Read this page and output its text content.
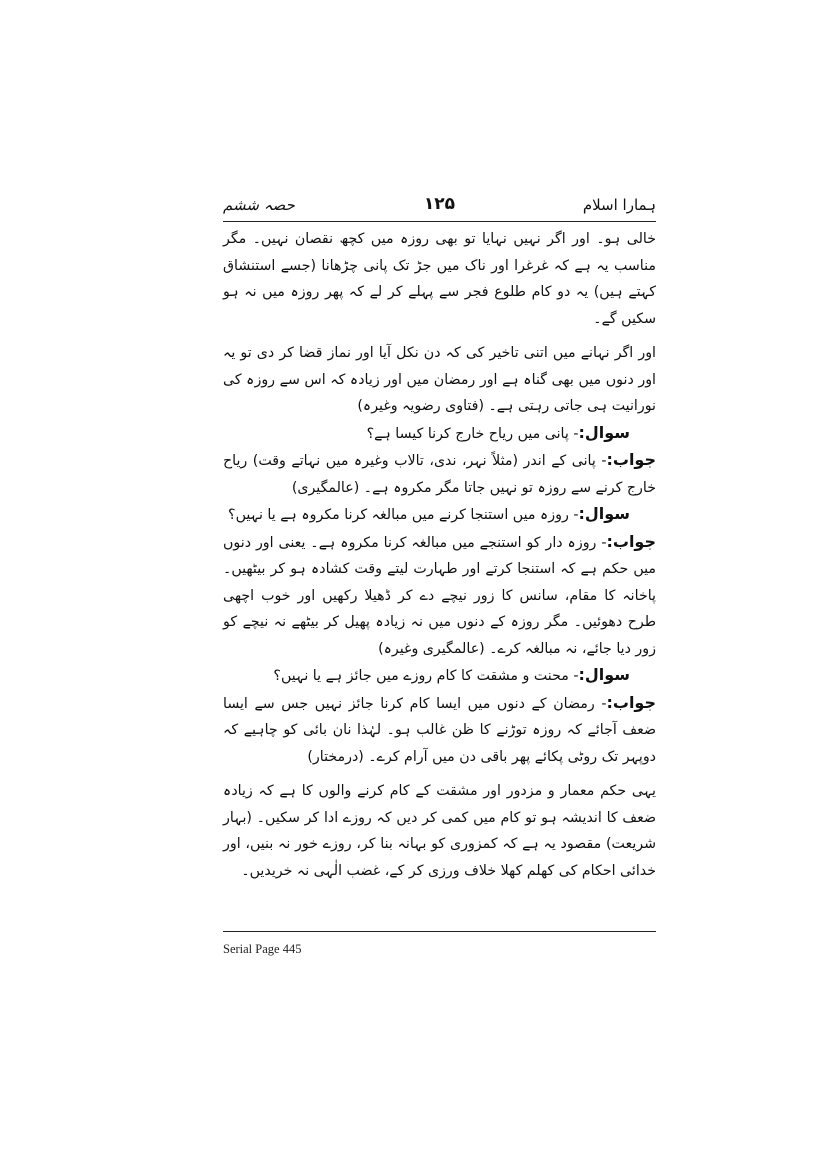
ہمارا اسلام
۱۲۵
حصہ ششم

خالی ہو۔ اور اگر نہیں نہایا تو بھی روزہ میں کچھ نقصان نہیں۔ مگر مناسب یہ ہے کہ غرغرا اور ناک میں جڑ تک پانی چڑھانا (جسے استنشاق کہتے ہیں) یہ دو کام طلوع فجر سے پہلے کر لے کہ پھر روزہ میں نہ ہو سکیں گے۔

اور اگر نہانے میں اتنی تاخیر کی کہ دن نکل آیا اور نماز قضا کر دی تو یہ اور دنوں میں بھی گناہ ہے اور رمضان میں اور زیادہ کہ اس سے روزہ کی نورانیت ہی جاتی رہتی ہے۔ (فتاوی رضویہ وغیرہ)

سوال:- پانی میں ریاح خارج کرنا کیسا ہے؟

جواب:- پانی کے اندر (مثلاً نہر، ندی، تالاب وغیرہ میں نہاتے وقت) ریاح خارج کرنے سے روزہ تو نہیں جاتا مگر مکروہ ہے۔ (عالمگیری)

سوال:- روزہ میں استنجا کرنے میں مبالغہ کرنا مکروہ ہے یا نہیں؟

جواب:- روزہ دار کو استنجے میں مبالغہ کرنا مکروہ ہے۔ یعنی اور دنوں میں حکم ہے کہ استنجا کرتے اور طہارت لیتے وقت کشادہ ہو کر بیٹھیں۔ پاخانہ کا مقام، سانس کا زور نیچے دے کر ڈھیلا رکھیں اور خوب اچھی طرح دھوئیں۔ مگر روزہ کے دنوں میں نہ زیادہ پھیل کر بیٹھے نہ نیچے کو زور دیا جائے، نہ مبالغہ کرے۔ (عالمگیری وغیرہ)

سوال:- محنت و مشقت کا کام روزے میں جائز ہے یا نہیں؟

جواب:- رمضان کے دنوں میں ایسا کام کرنا جائز نہیں جس سے ایسا ضعف آجائے کہ روزہ توڑنے کا ظن غالب ہو۔ لہٰذا نان بائی کو چاہیے کہ دوپہر تک روٹی پکائے پھر باقی دن میں آرام کرے۔ (درمختار)

یہی حکم معمار و مزدور اور مشقت کے کام کرنے والوں کا ہے کہ زیادہ ضعف کا اندیشہ ہو تو کام میں کمی کر دیں کہ روزے ادا کر سکیں۔ (بہار شریعت) مقصود یہ ہے کہ کمزوری کو بہانہ بنا کر، روزے خور نہ بنیں، اور خدائی احکام کی کھلم کھلا خلاف ورزی کر کے، غضب الٰہی نہ خریدیں۔

Serial Page 445
